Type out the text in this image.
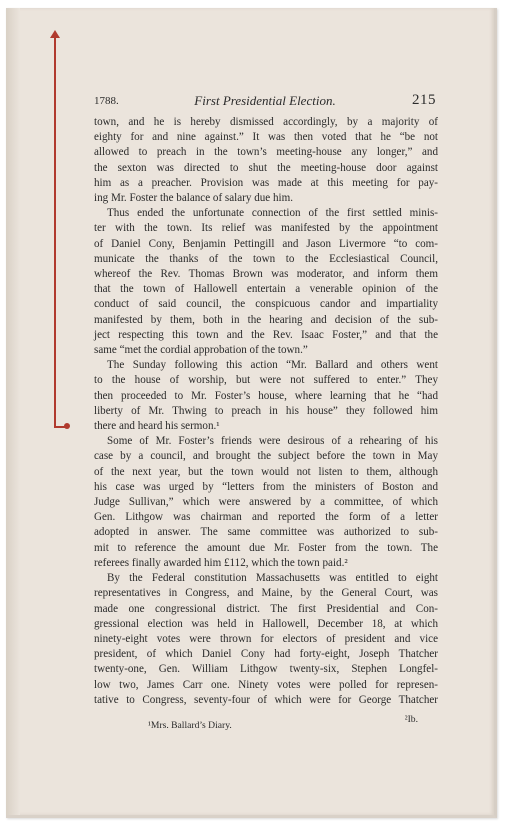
1788.	First Presidential Election.	215
town, and he is hereby dismissed accordingly, by a majority of
eighty for and nine against.” It was then voted that he “be not
allowed to preach in the town’s meeting-house any longer,” and
the sexton was directed to shut the meeting-house door against
him as a preacher. Provision was made at this meeting for pay-
ing Mr. Foster the balance of salary due him.
Thus ended the unfortunate connection of the first settled minis-
ter with the town. Its relief was manifested by the appointment
of Daniel Cony, Benjamin Pettingill and Jason Livermore “to com-
municate the thanks of the town to the Ecclesiastical Council,
whereof the Rev. Thomas Brown was moderator, and inform them
that the town of Hallowell entertain a venerable opinion of the
conduct of said council, the conspicuous candor and impartiality
manifested by them, both in the hearing and decision of the sub-
ject respecting this town and the Rev. Isaac Foster,” and that the
same “met the cordial approbation of the town.”
The Sunday following this action “Mr. Ballard and others went
to the house of worship, but were not suffered to enter.” They
then proceeded to Mr. Foster’s house, where learning that he “had
liberty of Mr. Thwing to preach in his house” they followed him
there and heard his sermon.¹
Some of Mr. Foster’s friends were desirous of a rehearing of his
case by a council, and brought the subject before the town in May
of the next year, but the town would not listen to them, although
his case was urged by “letters from the ministers of Boston and
Judge Sullivan,” which were answered by a committee, of which
Gen. Lithgow was chairman and reported the form of a letter
adopted in answer. The same committee was authorized to sub-
mit to reference the amount due Mr. Foster from the town. The
referees finally awarded him £112, which the town paid.²
By the Federal constitution Massachusetts was entitled to eight
representatives in Congress, and Maine, by the General Court, was
made one congressional district. The first Presidential and Con-
gressional election was held in Hallowell, December 18, at which
ninety-eight votes were thrown for electors of president and vice
president, of which Daniel Cony had forty-eight, Joseph Thatcher
twenty-one, Gen. William Lithgow twenty-six, Stephen Longfel-
low two, James Carr one. Ninety votes were polled for represen-
tative to Congress, seventy-four of which were for George Thatcher
¹Mrs. Ballard’s Diary.
²Ib.
